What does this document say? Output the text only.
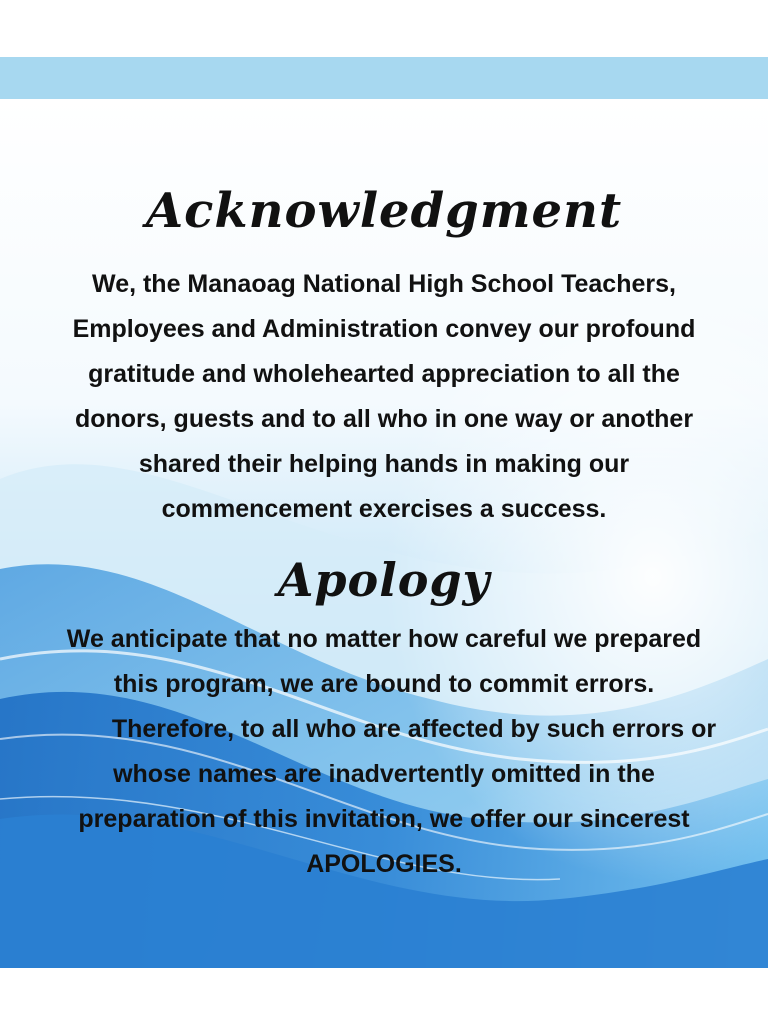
Acknowledgment
We, the Manaoag National High School Teachers,
Employees and Administration convey our profound
gratitude and wholehearted appreciation to all the
donors, guests and to all who in one way or another
shared their helping hands in making our
commencement exercises a success.
Apology
We anticipate that no matter how careful we prepared
this program, we are bound to commit errors.
Therefore, to all who are affected by such errors or
whose names are inadvertently omitted in the
preparation of this invitation, we offer our sincerest
APOLOGIES.
